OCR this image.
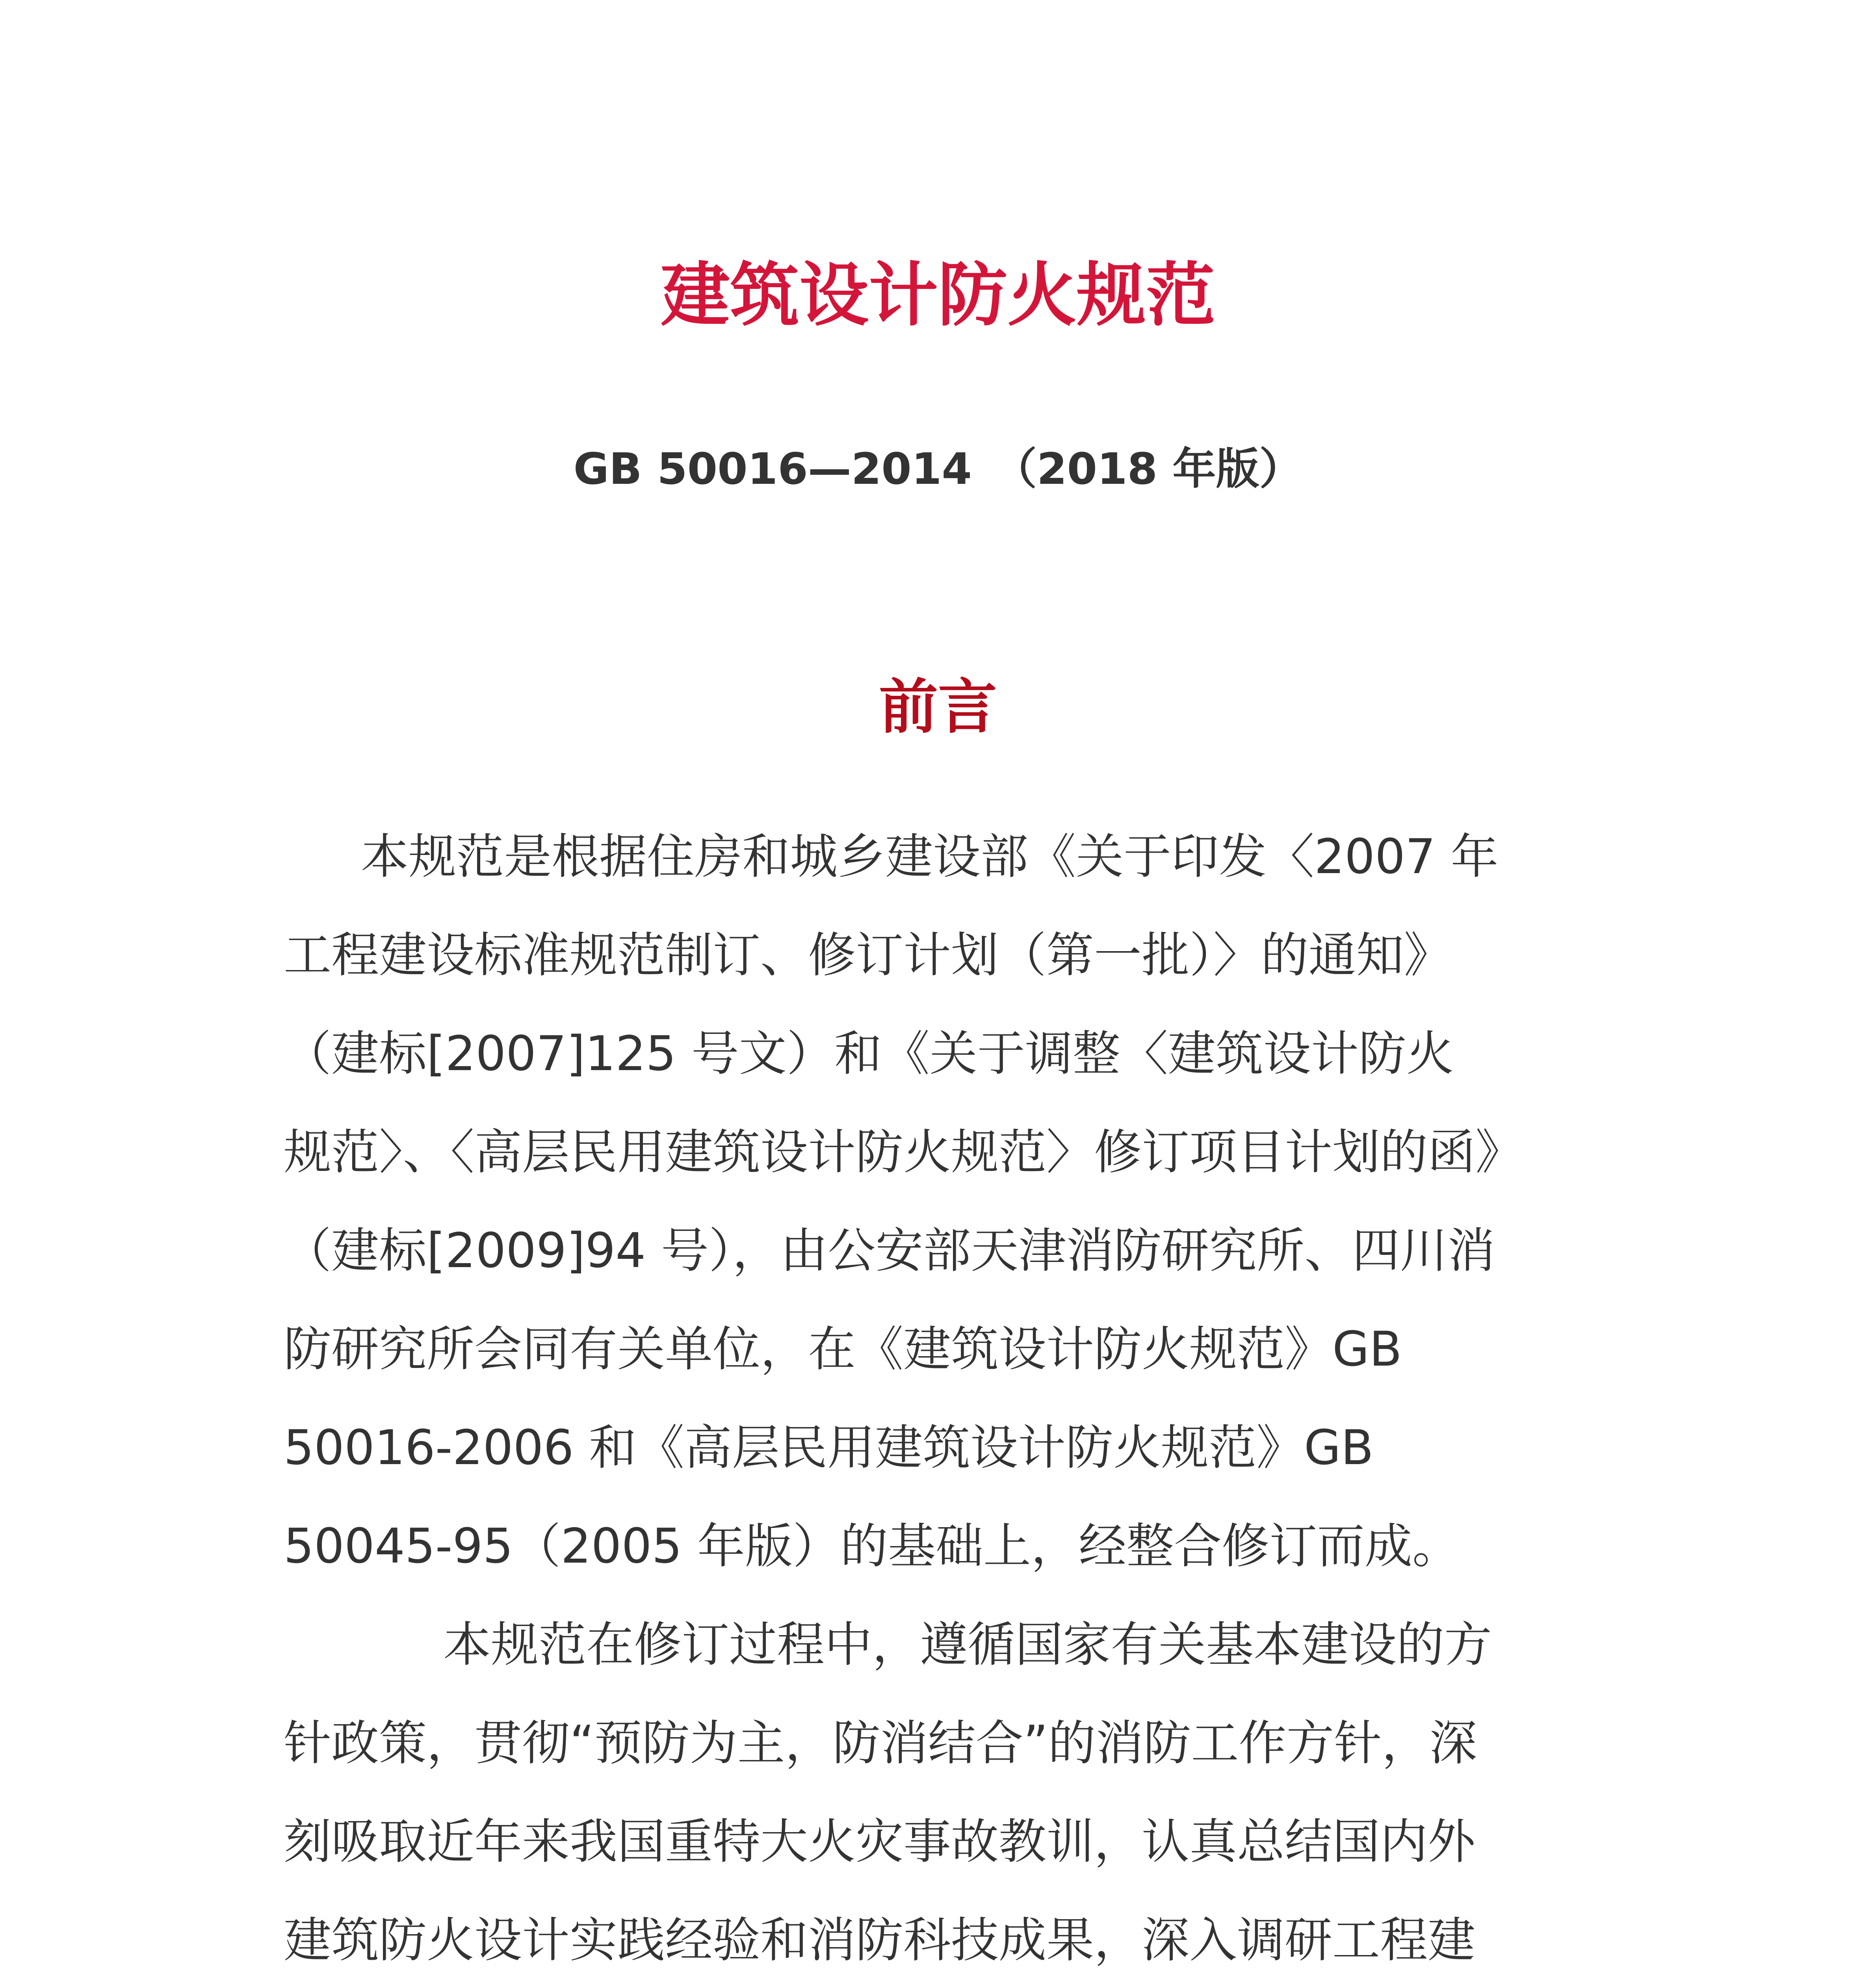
建筑设计防火规范
GB 50016—2014　（2018 年版）
前言
本规范是根据住房和城乡建设部《关于印发〈2007 年
工程建设标准规范制订、修订计划（第一批）〉的通知》
（建标[2007]125 号文）和《关于调整〈建筑设计防火
规范〉、〈高层民用建筑设计防火规范〉修订项目计划的函》
（建标[2009]94 号），由公安部天津消防研究所、四川消
防研究所会同有关单位，在《建筑设计防火规范》GB
50016-2006 和《高层民用建筑设计防火规范》GB
50045-95（2005 年版）的基础上，经整合修订而成。
本规范在修订过程中，遵循国家有关基本建设的方
针政策，贯彻“预防为主，防消结合”的消防工作方针，深
刻吸取近年来我国重特大火灾事故教训，认真总结国内外
建筑防火设计实践经验和消防科技成果，深入调研工程建
